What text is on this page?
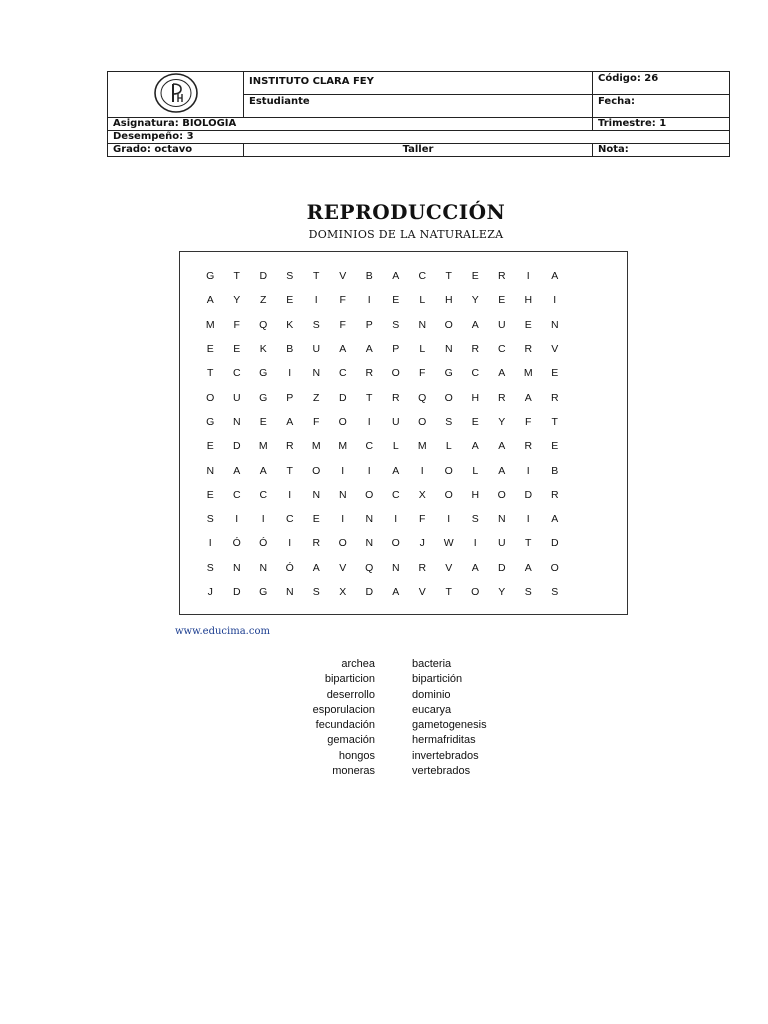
	INSTITUTO CLARA FEY	Código: 26
	Estudiante	Fecha:
Asignatura: BIOLOGÍA		Trimestre: 1
Desempeño: 3		
Grado: octavo	Taller	Nota:
REPRODUCCIÓN

DOMINIOS DE LA NATURALEZA

G	T	D	S	T	V	B	A	C	T	E	R	I	A
A	Y	Z	E	I	F	I	E	L	H	Y	E	H	I
M	F	Q	K	S	F	P	S	N	O	A	U	E	N
E	E	K	B	U	A	A	P	L	N	R	C	R	V
T	C	G	I	N	C	R	O	F	G	C	A	M	E
O	U	G	P	Z	D	T	R	Q	O	H	R	A	R
G	N	E	A	F	O	I	U	O	S	E	Y	F	T
E	D	M	R	M	M	C	L	M	L	A	A	R	E
N	A	A	T	O	I	I	A	I	O	L	A	I	B
E	C	C	I	N	N	O	C	X	O	H	O	D	R
S	I	I	C	E	I	N	I	F	I	S	N	I	A
I	Ó	Ó	I	R	O	N	O	J	W	I	U	T	D
S	N	N	Ó	A	V	Q	N	R	V	A	D	A	O
J	D	G	N	S	X	D	A	V	T	O	Y	S	S
www.educima.com
archea
biparticion
deserrollo
esporulacion
fecundación
gemación
hongos
moneras
bacteria
bipartición
dominio
eucarya
gametogenesis
hermafriditas
invertebrados
vertebrados
